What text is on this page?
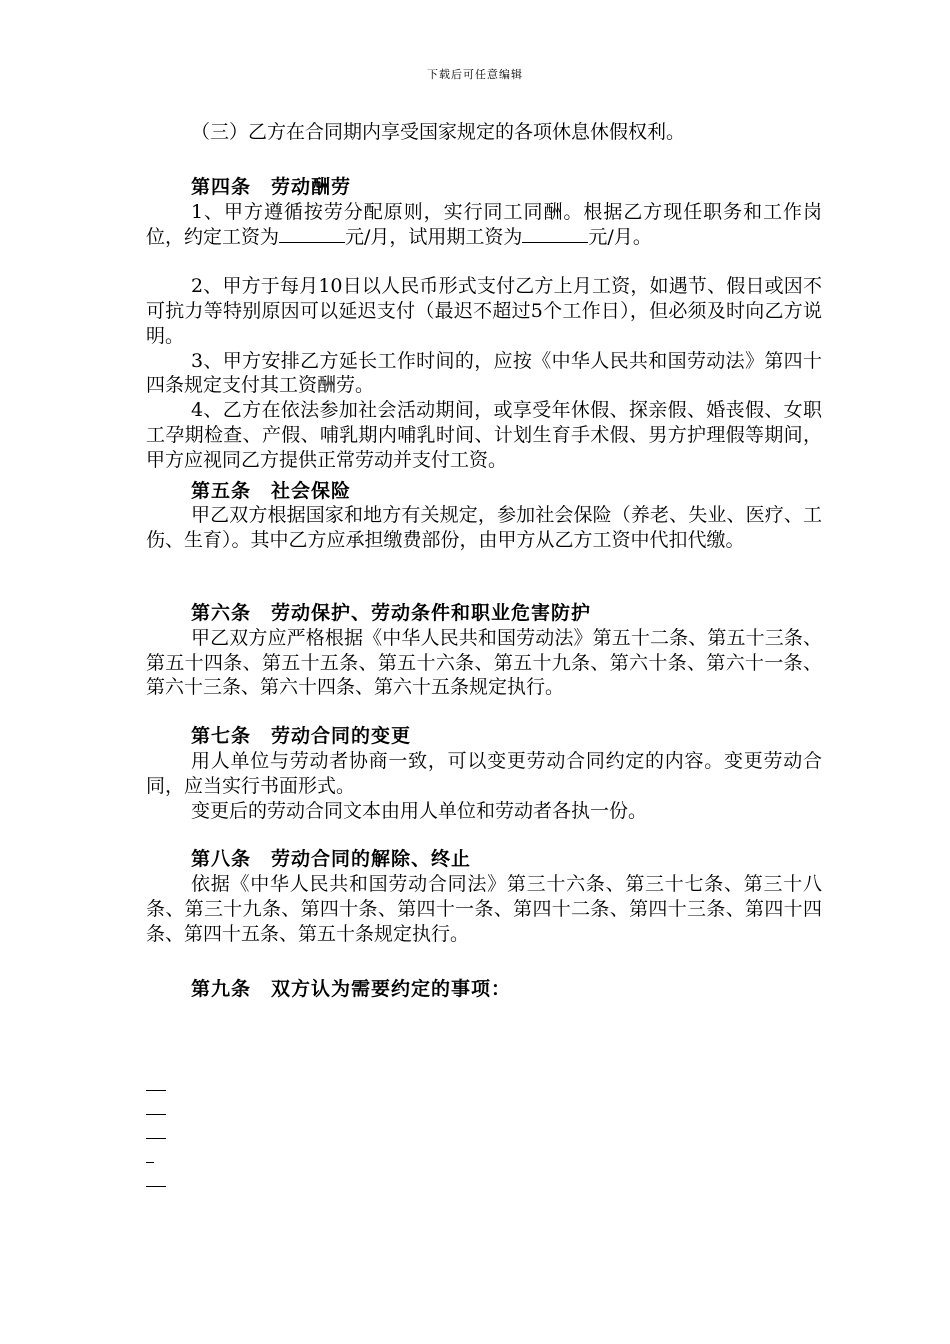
下载后可任意编辑

（三）乙方在合同期内享受国家规定的各项休息休假权利。

第四条　劳动酬劳

1、甲方遵循按劳分配原则，实行同工同酬。根据乙方现任职务和工作岗位，约定工资为	元/月，试用期工资为	元/月。

2、甲方于每月10日以人民币形式支付乙方上月工资，如遇节、假日或因不可抗力等特别原因可以延迟支付（最迟不超过5个工作日），但必须及时向乙方说明。

3、甲方安排乙方延长工作时间的，应按《中华人民共和国劳动法》第四十四条规定支付其工资酬劳。

4、乙方在依法参加社会活动期间，或享受年休假、探亲假、婚丧假、女职工孕期检查、产假、哺乳期内哺乳时间、计划生育手术假、男方护理假等期间，甲方应视同乙方提供正常劳动并支付工资。

第五条　社会保险

甲乙双方根据国家和地方有关规定，参加社会保险（养老、失业、医疗、工伤、生育）。其中乙方应承担缴费部份，由甲方从乙方工资中代扣代缴。

第六条　劳动保护、劳动条件和职业危害防护

甲乙双方应严格根据《中华人民共和国劳动法》第五十二条、第五十三条、第五十四条、第五十五条、第五十六条、第五十九条、第六十条、第六十一条、第六十三条、第六十四条、第六十五条规定执行。

第七条　劳动合同的变更

用人单位与劳动者协商一致，可以变更劳动合同约定的内容。变更劳动合同，应当实行书面形式。

变更后的劳动合同文本由用人单位和劳动者各执一份。

第八条　劳动合同的解除、终止

依据《中华人民共和国劳动合同法》第三十六条、第三十七条、第三十八条、第三十九条、第四十条、第四十一条、第四十二条、第四十三条、第四十四条、第四十五条、第五十条规定执行。

第九条　双方认为需要约定的事项：
